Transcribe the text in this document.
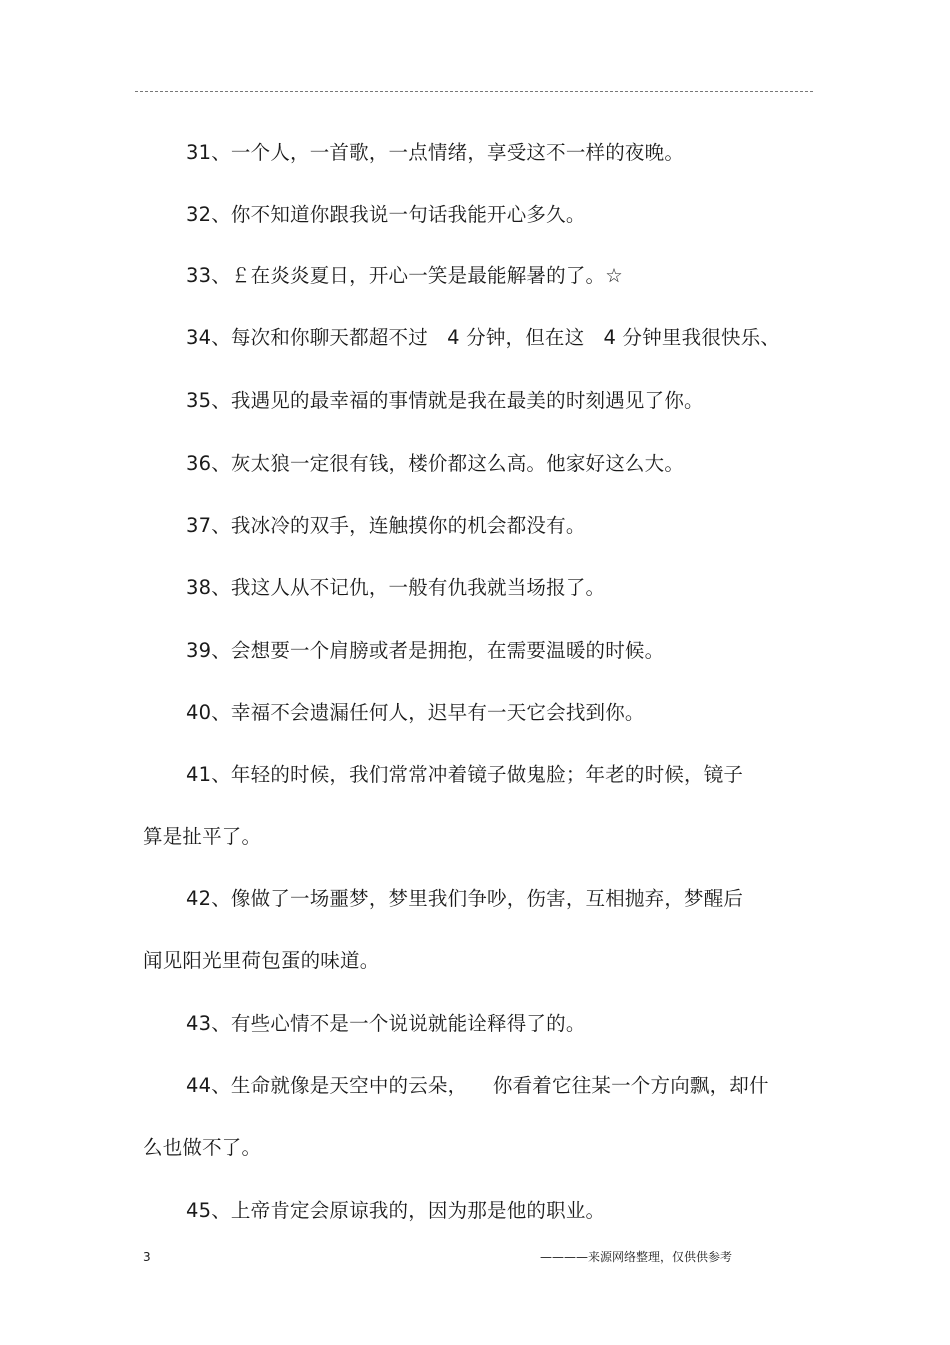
31、一个人，一首歌，一点情绪，享受这不一样的夜晚。
32、你不知道你跟我说一句话我能开心多久。
33、￡在炎炎夏日，开心一笑是最能解暑的了。☆
34、每次和你聊天都超不过   4 分钟，但在这   4 分钟里我很快乐、
35、我遇见的最幸福的事情就是我在最美的时刻遇见了你。
36、灰太狼一定很有钱，楼价都这么高。他家好这么大。
37、我冰冷的双手，连触摸你的机会都没有。
38、我这人从不记仇，一般有仇我就当场报了。
39、会想要一个肩膀或者是拥抱，在需要温暖的时候。
40、幸福不会遗漏任何人，迟早有一天它会找到你。
41、年轻的时候，我们常常冲着镜子做鬼脸；年老的时候，镜子
算是扯平了。
42、像做了一场噩梦，梦里我们争吵，伤害，互相抛弃，梦醒后
闻见阳光里荷包蛋的味道。
43、有些心情不是一个说说就能诠释得了的。
44、生命就像是天空中的云朵，    你看着它往某一个方向飘，却什
么也做不了。
45、上帝肯定会原谅我的，因为那是他的职业。
3	————来源网络整理，仅供供参考
